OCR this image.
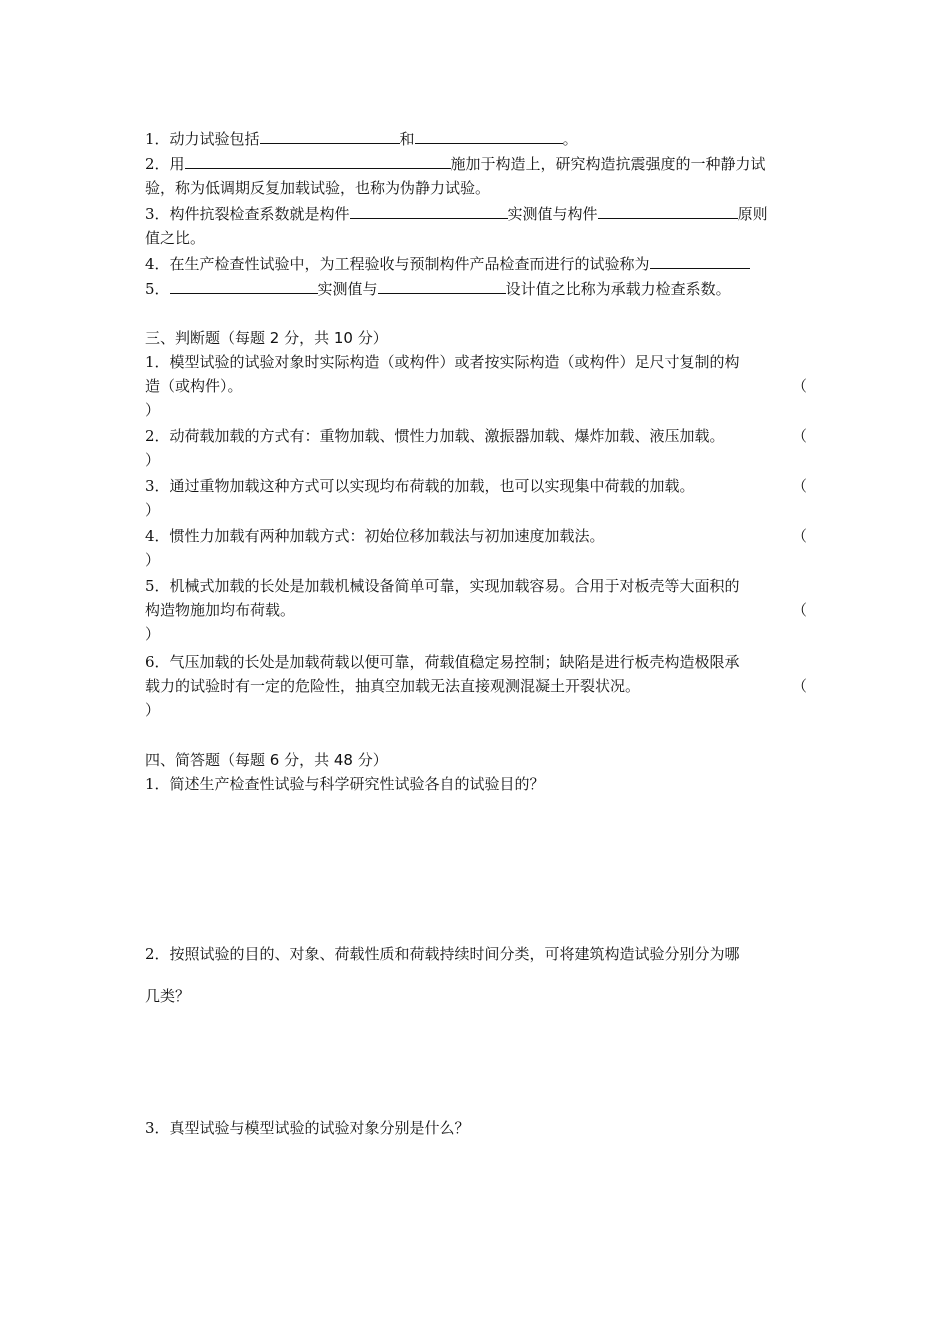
1．动力试验包括	和	。
2．用	施加于构造上，研究构造抗震强度的一种静力试
验，称为低调期反复加载试验，也称为伪静力试验。
3．构件抗裂检查系数就是构件	实测值与构件	原则
值之比。
4．在生产检查性试验中，为工程验收与预制构件产品检查而进行的试验称为
5．	实测值与	设计值之比称为承载力检查系数。
三、判断题（每题 2 分，共 10 分）
1．模型试验的试验对象时实际构造（或构件）或者按实际构造（或构件）足尺寸复制的构
造（或构件）。	（
）
2．动荷载加载的方式有：重物加载、惯性力加载、激振器加载、爆炸加载、液压加载。	（
）
3．通过重物加载这种方式可以实现均布荷载的加载，也可以实现集中荷载的加载。	（
）
4．惯性力加载有两种加载方式：初始位移加载法与初加速度加载法。	（
）
5．机械式加载的长处是加载机械设备简单可靠，实现加载容易。合用于对板壳等大面积的
构造物施加均布荷载。	（
）
6．气压加载的长处是加载荷载以便可靠，荷载值稳定易控制；缺陷是进行板壳构造极限承
载力的试验时有一定的危险性，抽真空加载无法直接观测混凝土开裂状况。	（
）
四、简答题（每题 6 分，共 48 分）
1．简述生产检查性试验与科学研究性试验各自的试验目的？
2．按照试验的目的、对象、荷载性质和荷载持续时间分类，可将建筑构造试验分别分为哪
几类？
3．真型试验与模型试验的试验对象分别是什么？
